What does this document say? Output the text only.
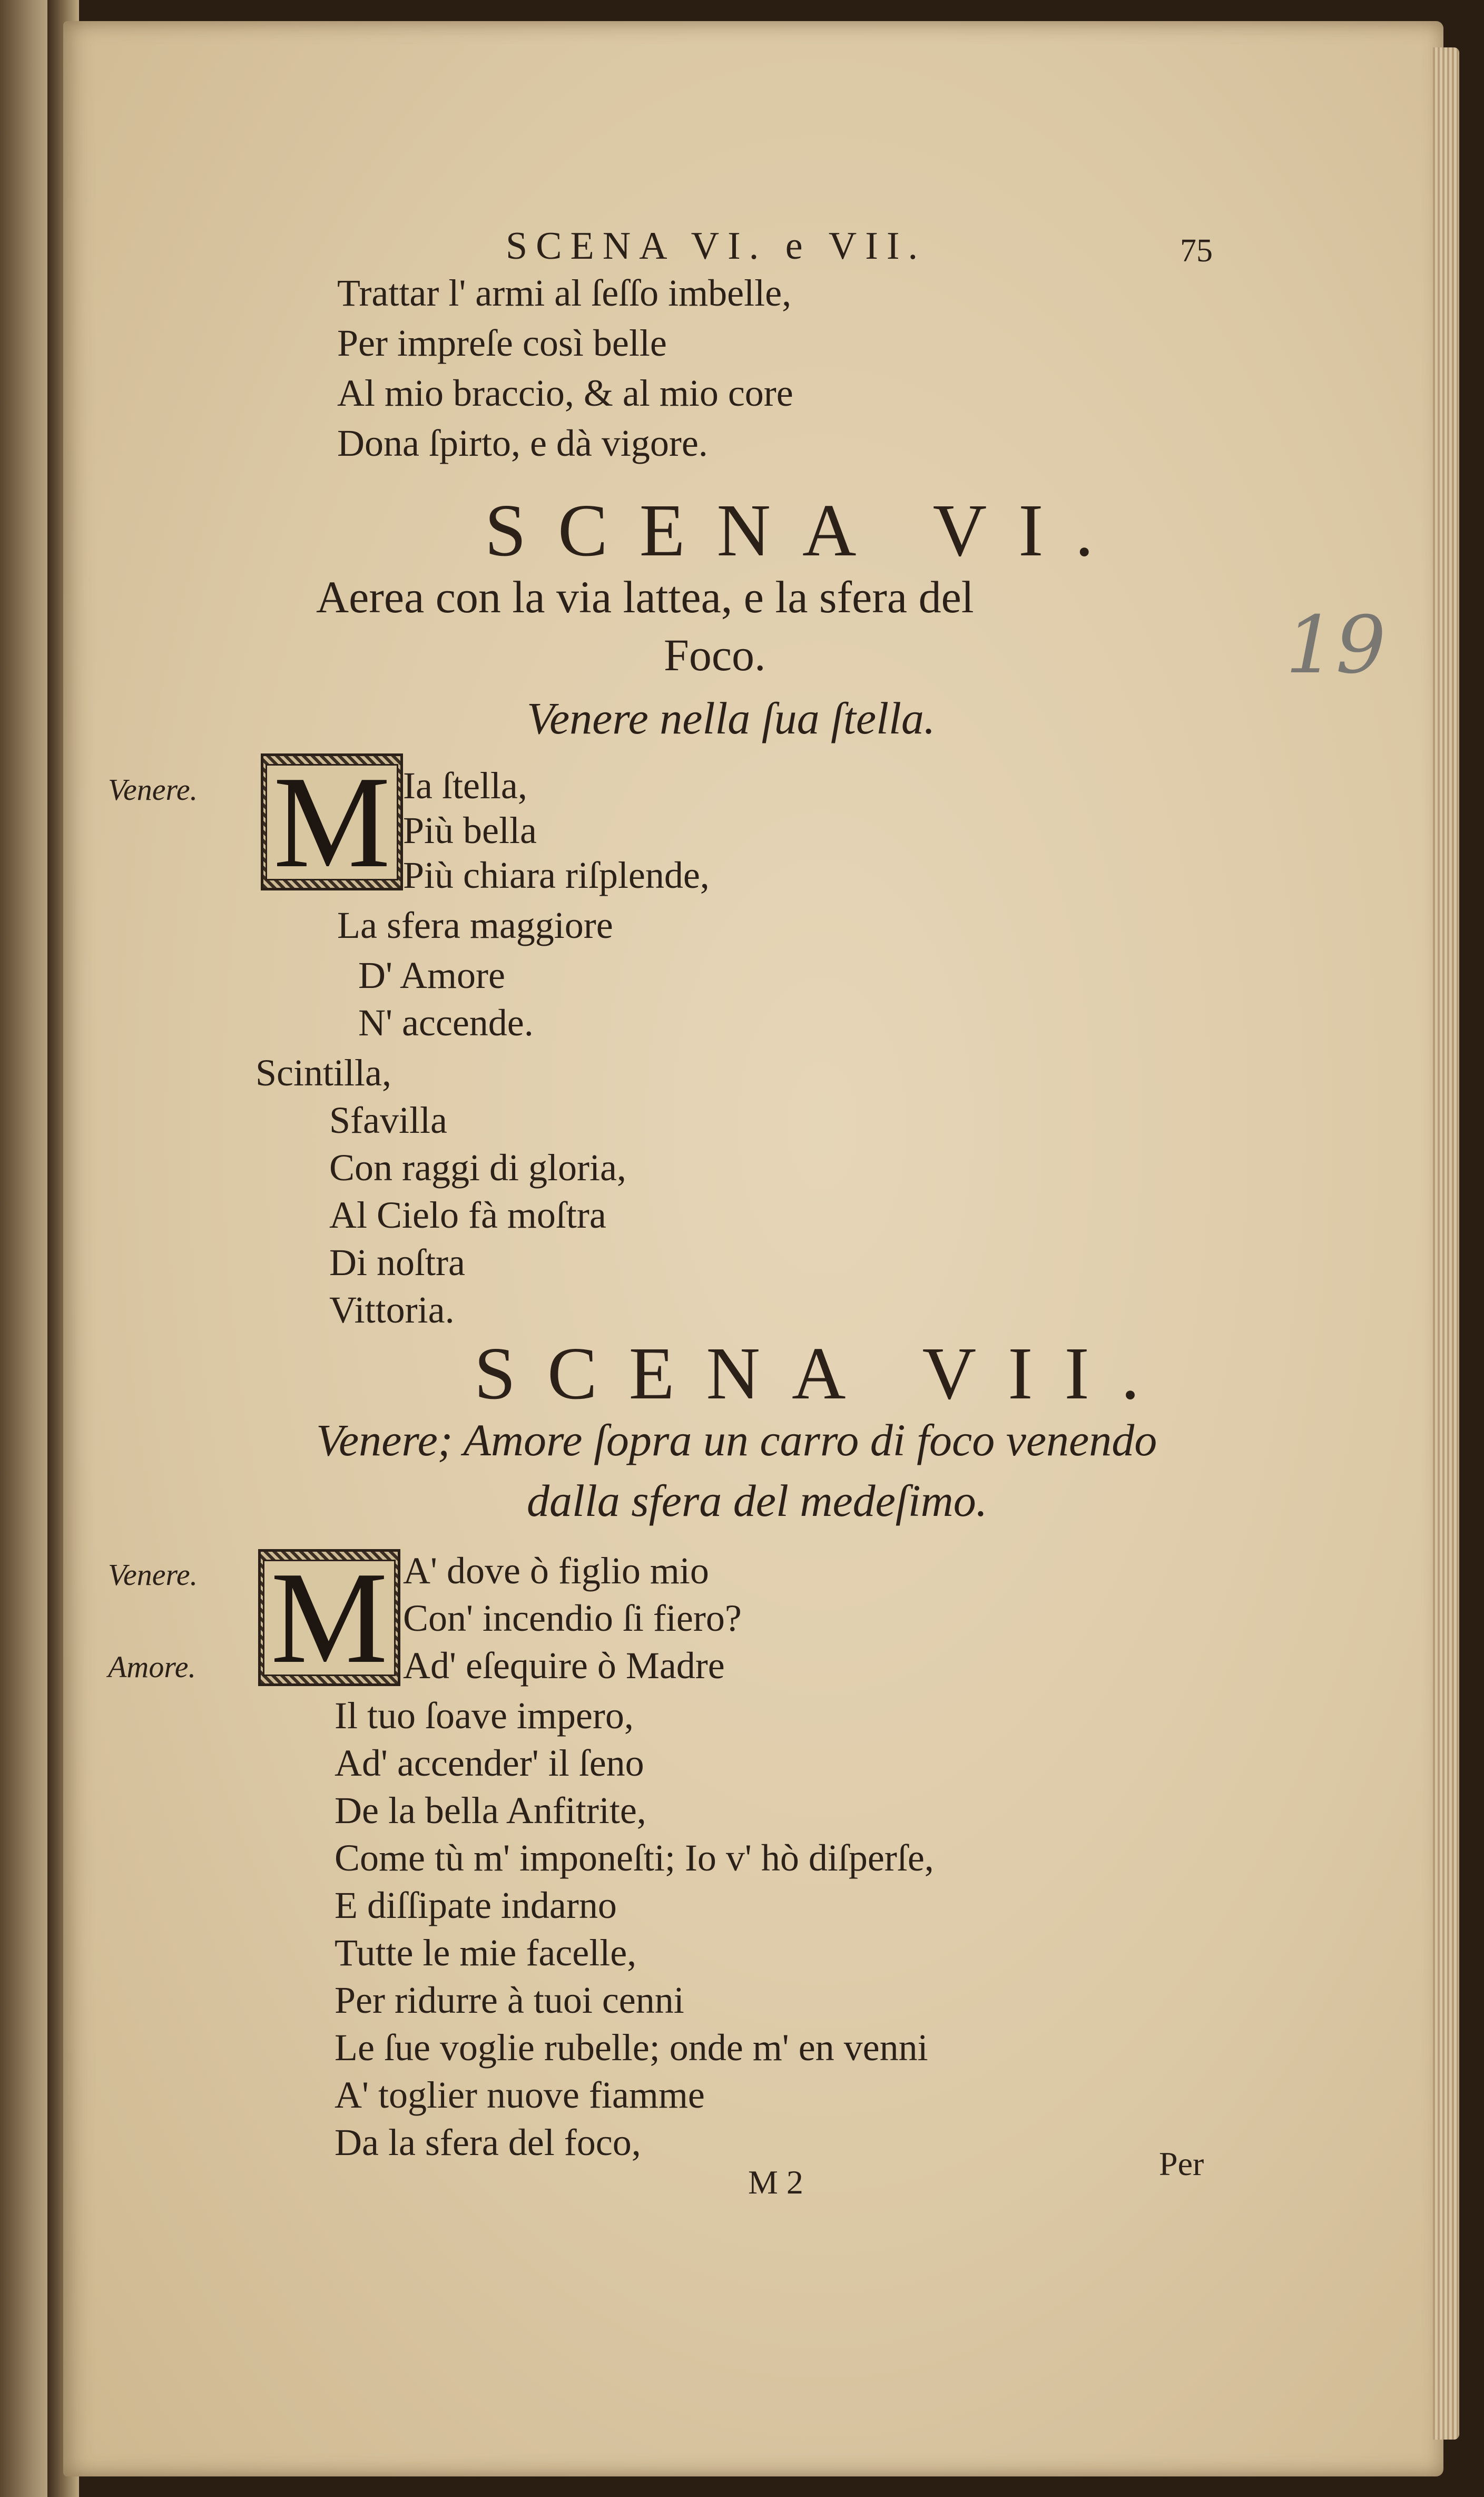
SCENA VI. e VII.	75
Trattar l' armi al ſeſſo imbelle,
Per impreſe così belle
Al mio braccio, & al mio core
Dona ſpirto, e dà vigore.
SCENA VI.
Aerea con la via lattea, e la sfera del
Foco.
Venere nella ſua ſtella.
19
Venere. M Ia ſtella,
Più bella
Più chiara riſplende,
La sfera maggiore
D' Amore
N' accende.
Scintilla,
Sfavilla
Con raggi di gloria,
Al Cielo fà moſtra
Di noſtra
Vittoria.
SCENA VII.
Venere; Amore ſopra un carro di foco venendo
dalla sfera del medeſimo.
Venere.
Amore. M A' dove ò figlio mio
Con' incendio ſi fiero?
Ad' eſequire ò Madre
Il tuo ſoave impero,
Ad' accender' il ſeno
De la bella Anfitrite,
Come tù m' imponeſti; Io v' hò diſperſe,
E diſſipate indarno
Tutte le mie facelle,
Per ridurre à tuoi cenni
Le ſue voglie rubelle; onde m' en venni
A' toglier nuove fiamme
Da la sfera del foco,
M 2	Per
